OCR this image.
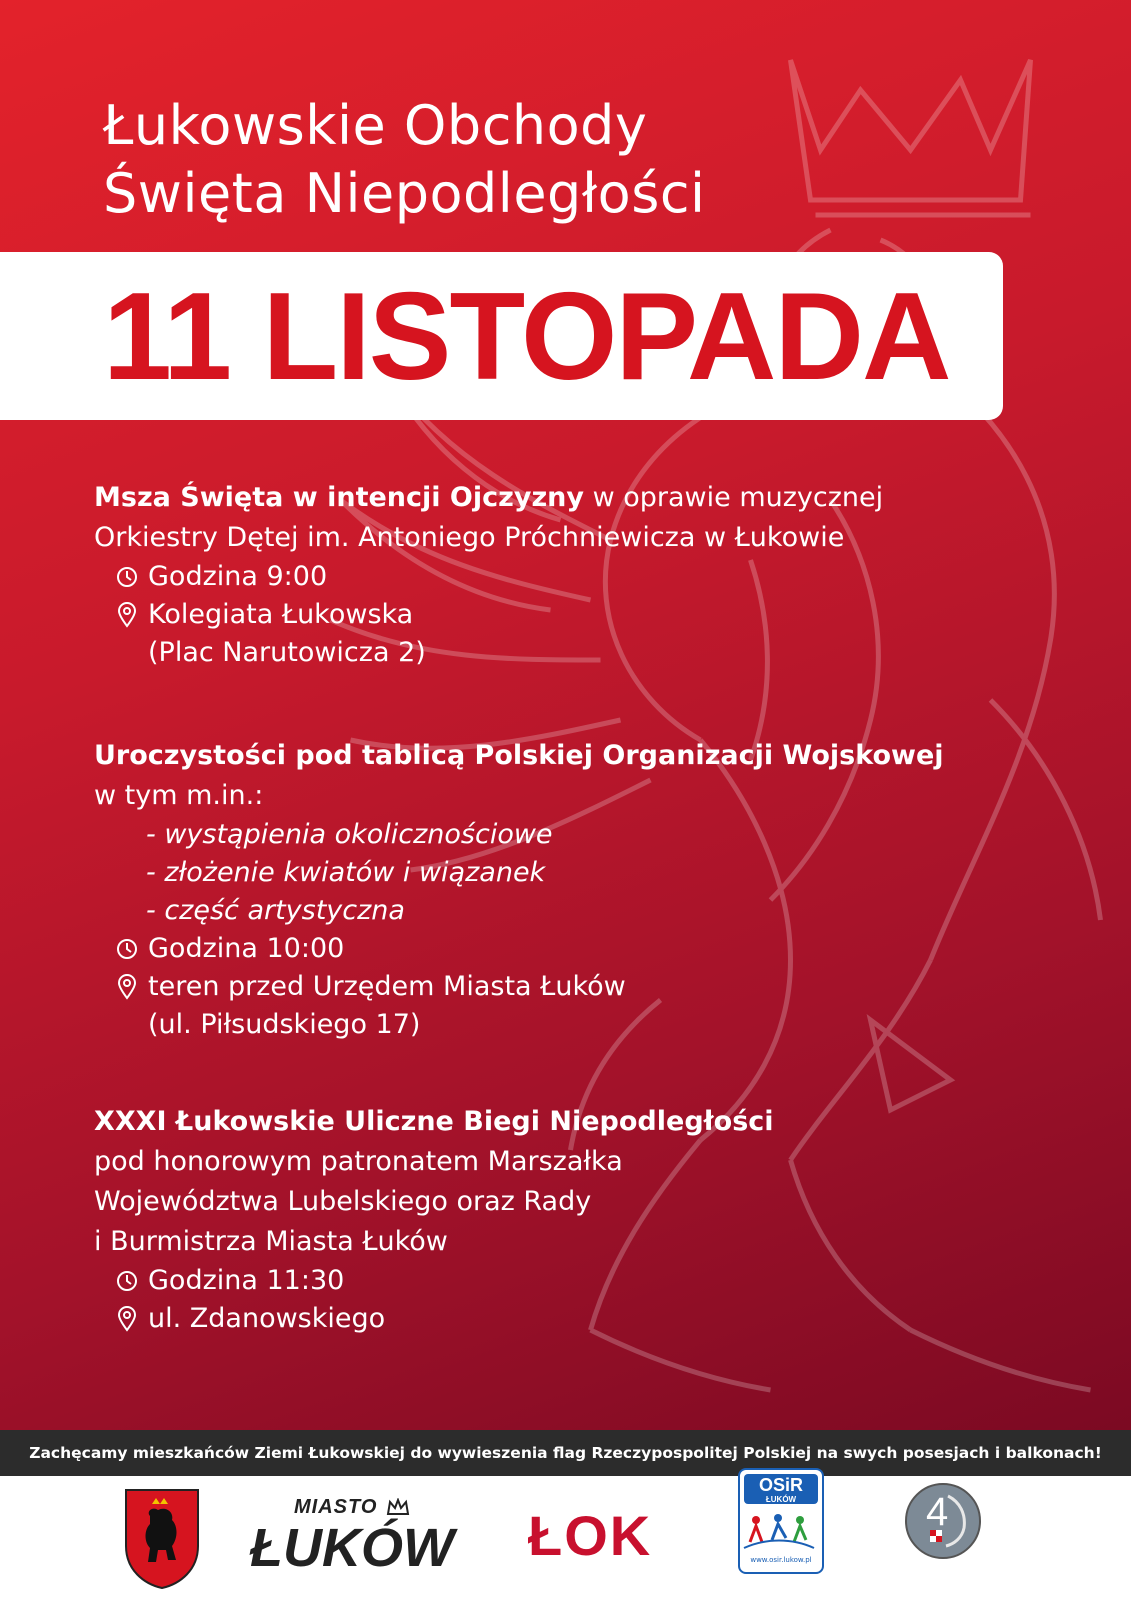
Łukowskie Obchody
Święta Niepodległości
11 LISTOPADA
Msza Święta w intencji Ojczyzny w oprawie muzycznej
Orkiestry Dętej im. Antoniego Próchniewicza w Łukowie
Godzina 9:00
Kolegiata Łukowska
(Plac Narutowicza 2)
Uroczystości pod tablicą Polskiej Organizacji Wojskowej
w tym m.in.:
- wystąpienia okolicznościowe
- złożenie kwiatów i wiązanek
- część artystyczna
Godzina 10:00
teren przed Urzędem Miasta Łuków
(ul. Piłsudskiego 17)
XXXI Łukowskie Uliczne Biegi Niepodległości
pod honorowym patronatem Marszałka
Województwa Lubelskiego oraz Rady
i Burmistrza Miasta Łuków
Godzina 11:30
ul. Zdanowskiego
Zachęcamy mieszkańców Ziemi Łukowskiej do wywieszenia flag Rzeczypospolitej Polskiej na swych posesjach i balkonach!
MIASTO
ŁUKÓW ŁOK
OSiR
ŁUKÓW
www.osir.lukow.pl
4
